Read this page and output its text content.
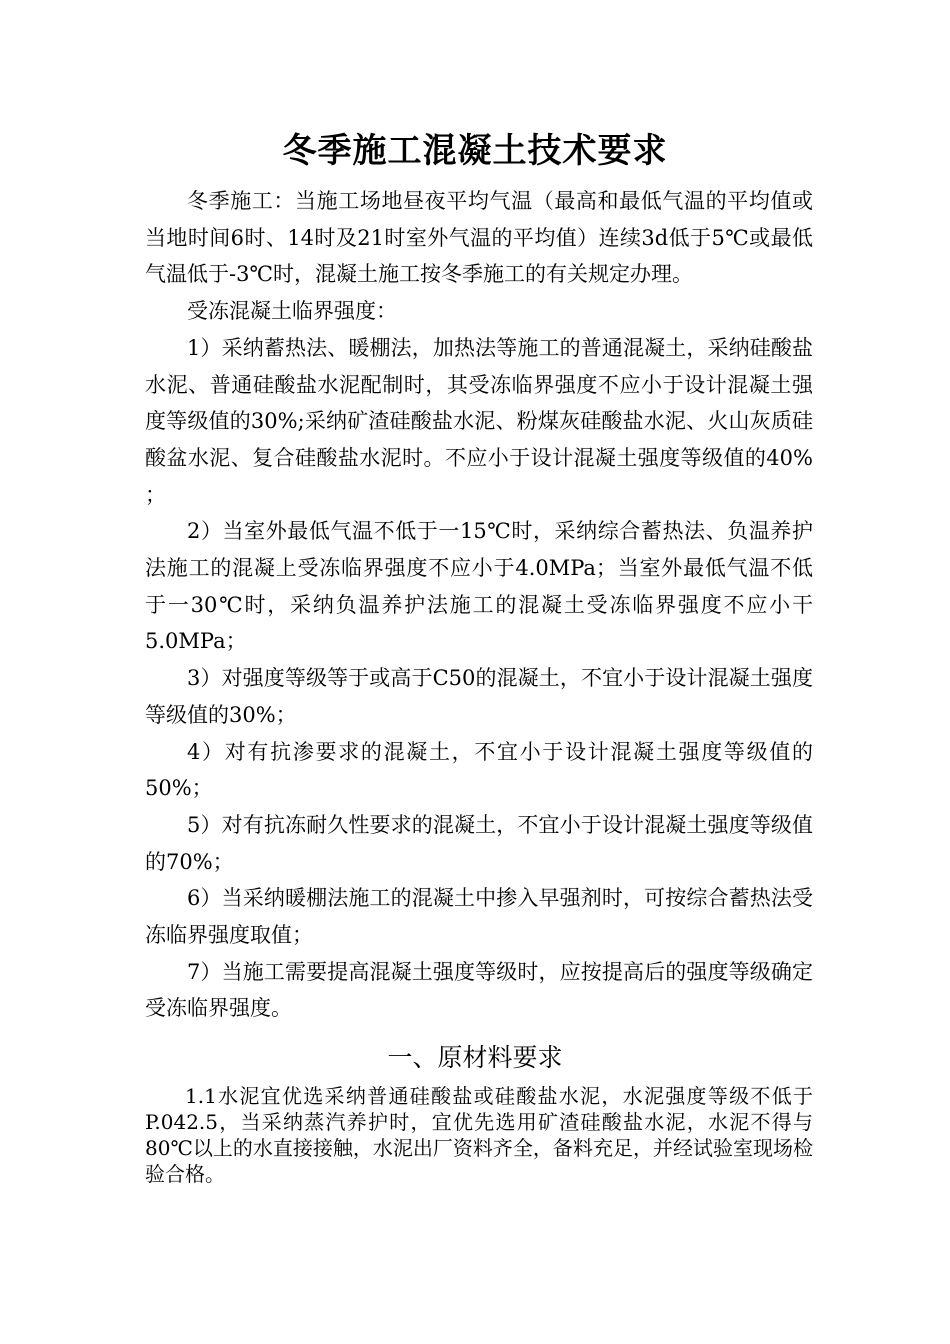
冬季施工混凝土技术要求

冬季施工：当施工场地昼夜平均气温（最高和最低气温的平均值或当地时间6时、14时及21时室外气温的平均值）连续3d低于5℃或最低气温低于-3℃时，混凝土施工按冬季施工的有关规定办理。

受冻混凝土临界强度：

1）采纳蓄热法、暖棚法，加热法等施工的普通混凝土，采纳硅酸盐水泥、普通硅酸盐水泥配制时，其受冻临界强度不应小于设计混凝土强度等级值的30%;采纳矿渣硅酸盐水泥、粉煤灰硅酸盐水泥、火山灰质硅酸盆水泥、复合硅酸盐水泥时。不应小于设计混凝土强度等级值的40% ；

2）当室外最低气温不低于一15℃时，采纳综合蓄热法、负温养护法施工的混凝上受冻临界强度不应小于4.0MPa；当室外最低气温不低于一30℃时，采纳负温养护法施工的混凝土受冻临界强度不应小干5.0MPa；

3）对强度等级等于或高于C50的混凝土，不宜小于设计混凝土强度等级值的30%；

4）对有抗渗要求的混凝土，不宜小于设计混凝土强度等级值的50%；

5）对有抗冻耐久性要求的混凝土，不宜小于设计混凝土强度等级值的70%；

6）当采纳暖棚法施工的混凝土中掺入早强剂时，可按综合蓄热法受冻临界强度取值；

7）当施工需要提高混凝土强度等级时，应按提高后的强度等级确定受冻临界强度。

一、原材料要求

1.1水泥宜优选采纳普通硅酸盐或硅酸盐水泥，水泥强度等级不低于P.042.5，当采纳蒸汽养护时，宜优先选用矿渣硅酸盐水泥，水泥不得与80℃以上的水直接接触，水泥出厂资料齐全，备料充足，并经试验室现场检验合格。
